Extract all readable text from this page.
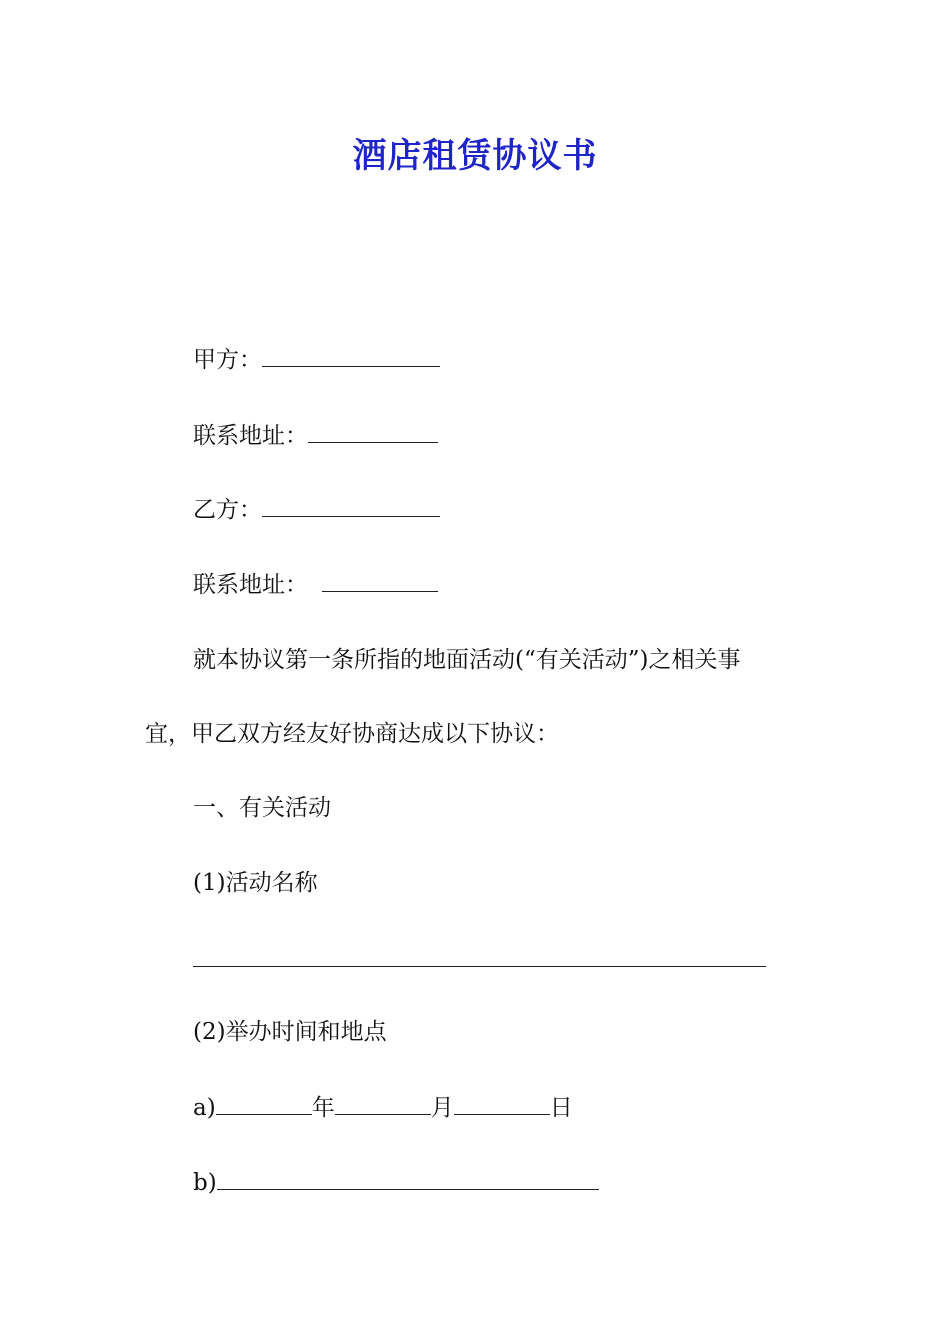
酒店租赁协议书
甲方：
联系地址：
乙方：
联系地址：
就本协议第一条所指的地面活动(“有关活动”)之相关事
宜，甲乙双方经友好协商达成以下协议：
一、有关活动
(1)活动名称
(2)举办时间和地点
a)	年	月	日
b)
